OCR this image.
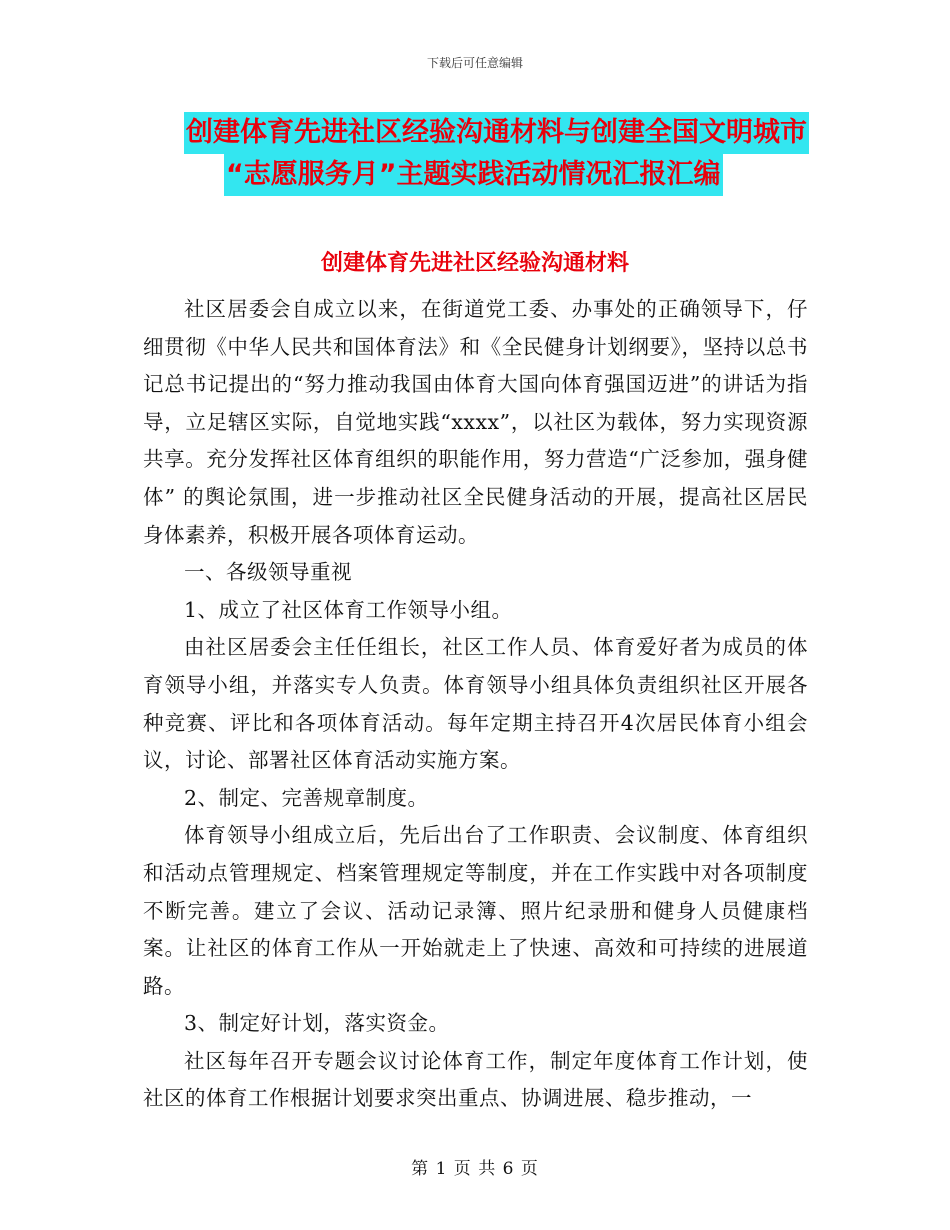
下载后可任意编辑
创建体育先进社区经验沟通材料与创建全国文明城市
“志愿服务月”主题实践活动情况汇报汇编
创建体育先进社区经验沟通材料

社区居委会自成立以来，在街道党工委、办事处的正确领导下，仔细贯彻《中华人民共和国体育法》和《全民健身计划纲要》，坚持以总书记总书记提出的“努力推动我国由体育大国向体育强国迈进”的讲话为指导，立足辖区实际，自觉地实践“xxxx”，以社区为载体，努力实现资源共享。充分发挥社区体育组织的职能作用，努力营造“广泛参加，强身健体” 的舆论氛围，进一步推动社区全民健身活动的开展，提高社区居民身体素养，积极开展各项体育运动。

一、各级领导重视

1、成立了社区体育工作领导小组。

由社区居委会主任任组长，社区工作人员、体育爱好者为成员的体育领导小组，并落实专人负责。体育领导小组具体负责组织社区开展各种竞赛、评比和各项体育活动。每年定期主持召开4次居民体育小组会议，讨论、部署社区体育活动实施方案。

2、制定、完善规章制度。

体育领导小组成立后，先后出台了工作职责、会议制度、体育组织和活动点管理规定、档案管理规定等制度，并在工作实践中对各项制度不断完善。建立了会议、活动记录簿、照片纪录册和健身人员健康档案。让社区的体育工作从一开始就走上了快速、高效和可持续的进展道路。

3、制定好计划，落实资金。

社区每年召开专题会议讨论体育工作，制定年度体育工作计划，使社区的体育工作根据计划要求突出重点、协调进展、稳步推动，一

第 1 页 共 6 页
